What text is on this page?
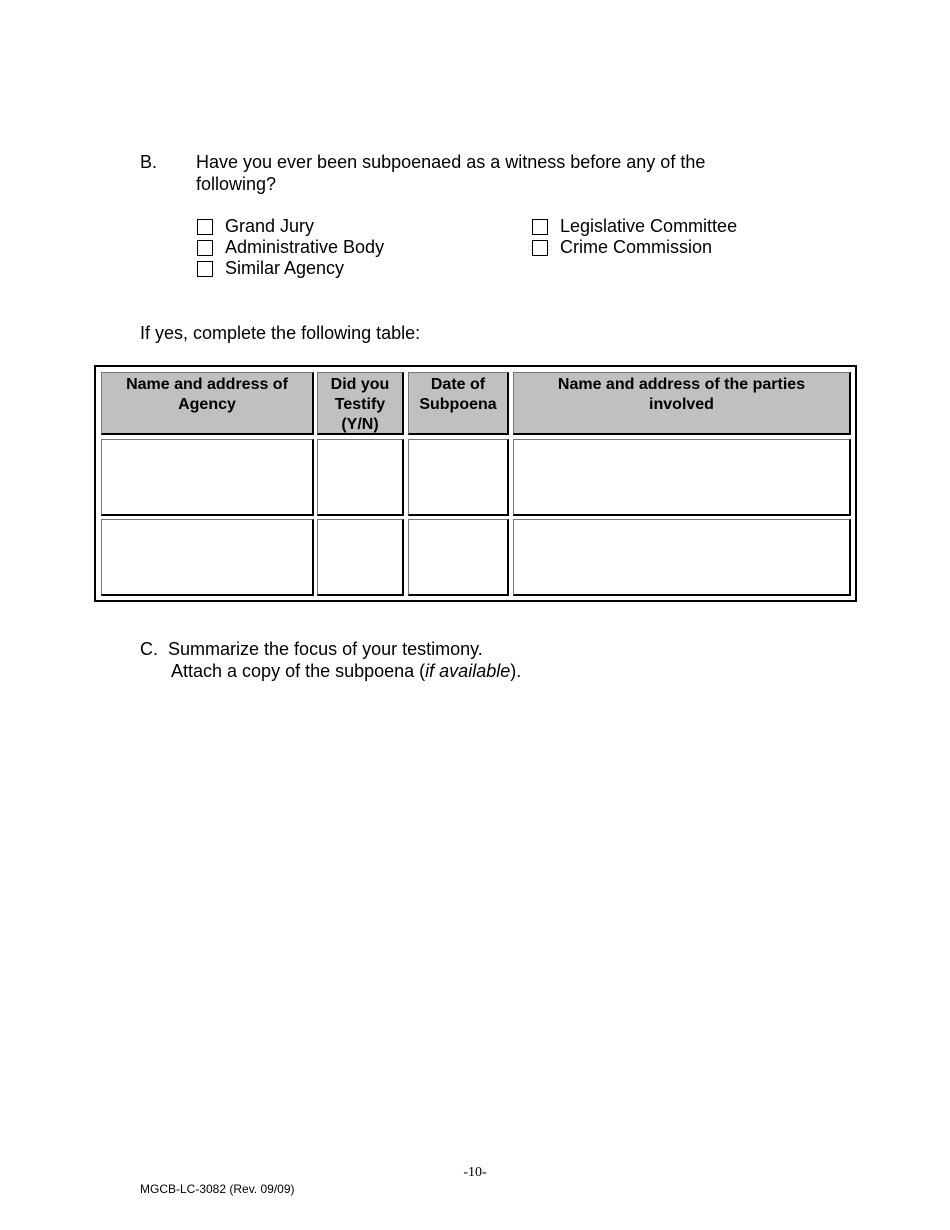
B. Have you ever been subpoenaed as a witness before any of the following?
Grand Jury
Administrative Body
Similar Agency
Legislative Committee
Crime Commission
If yes, complete the following table:
Name and address of
Agency
Did you
Testify
(Y/N)
Date of
Subpoena
Name and address of the parties
involved
C. Summarize the focus of your testimony.
Attach a copy of the subpoena (if available).
-10-
MGCB-LC-3082 (Rev. 09/09)
